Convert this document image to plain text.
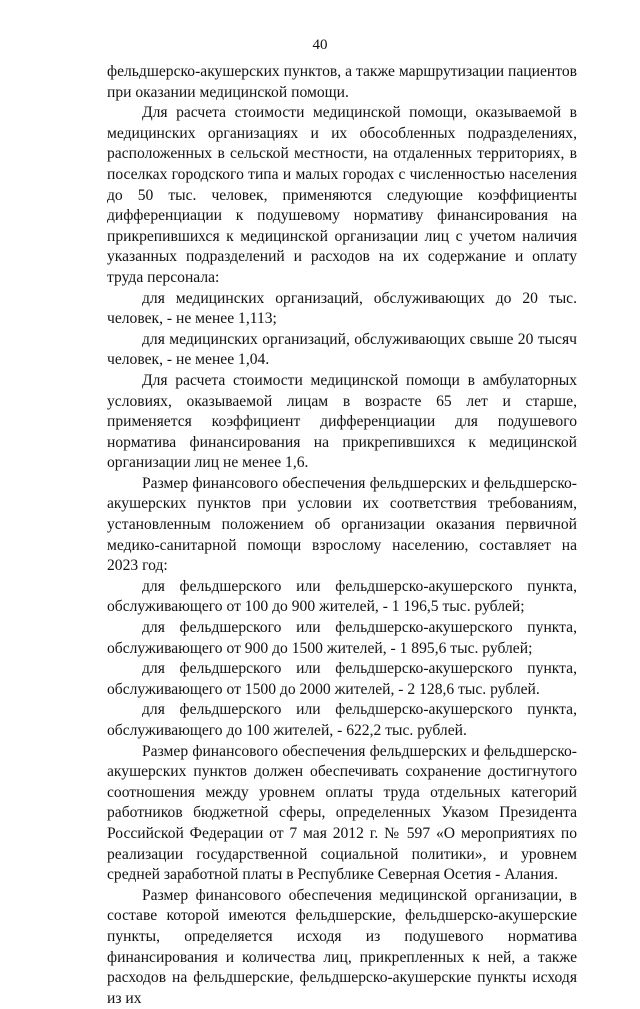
40

фельдшерско-акушерских пунктов, а также маршрутизации пациентов при оказании медицинской помощи.

Для расчета стоимости медицинской помощи, оказываемой в медицинских организациях и их обособленных подразделениях, расположенных в сельской местности, на отдаленных территориях, в поселках городского типа и малых городах с численностью населения до 50 тыс. человек, применяются следующие коэффициенты дифференциации к подушевому нормативу финансирования на прикрепившихся к медицинской организации лиц с учетом наличия указанных подразделений и расходов на их содержание и оплату труда персонала:

для медицинских организаций, обслуживающих до 20 тыс. человек, - не менее 1,113;

для медицинских организаций, обслуживающих свыше 20 тысяч человек, - не менее 1,04.

Для расчета стоимости медицинской помощи в амбулаторных условиях, оказываемой лицам в возрасте 65 лет и старше, применяется коэффициент дифференциации для подушевого норматива финансирования на прикрепившихся к медицинской организации лиц не менее 1,6.

Размер финансового обеспечения фельдшерских и фельдшерско-акушерских пунктов при условии их соответствия требованиям, установленным положением об организации оказания первичной медико-санитарной помощи взрослому населению, составляет на 2023 год:

для фельдшерского или фельдшерско-акушерского пункта, обслуживающего от 100 до 900 жителей, - 1 196,5 тыс. рублей;

для фельдшерского или фельдшерско-акушерского пункта, обслуживающего от 900 до 1500 жителей, - 1 895,6 тыс. рублей;

для фельдшерского или фельдшерско-акушерского пункта, обслуживающего от 1500 до 2000 жителей, - 2 128,6 тыс. рублей.

для фельдшерского или фельдшерско-акушерского пункта, обслуживающего до 100 жителей, - 622,2 тыс. рублей.

Размер финансового обеспечения фельдшерских и фельдшерско-акушерских пунктов должен обеспечивать сохранение достигнутого соотношения между уровнем оплаты труда отдельных категорий работников бюджетной сферы, определенных Указом Президента Российской Федерации от 7 мая 2012 г. № 597 «О мероприятиях по реализации государственной социальной политики», и уровнем средней заработной платы в Республике Северная Осетия - Алания.

Размер финансового обеспечения медицинской организации, в составе которой имеются фельдшерские, фельдшерско-акушерские пункты, определяется исходя из подушевого норматива финансирования и количества лиц, прикрепленных к ней, а также расходов на фельдшерские, фельдшерско-акушерские пункты исходя из их
